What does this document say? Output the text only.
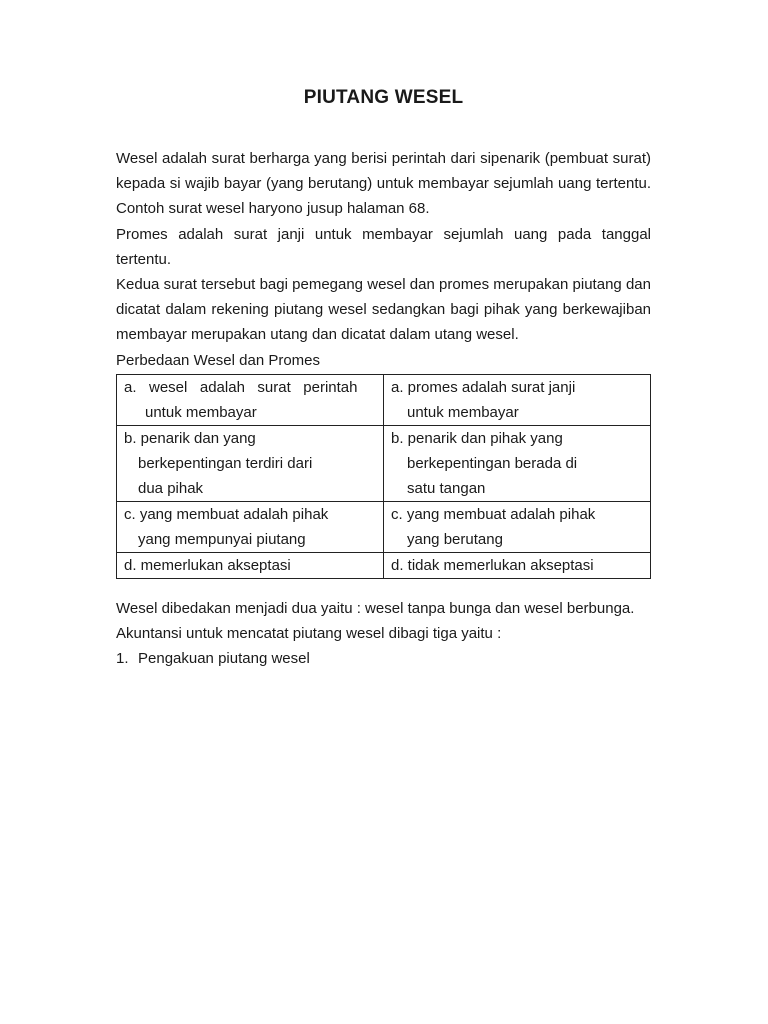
PIUTANG WESEL

Wesel adalah surat berharga yang berisi perintah dari sipenarik (pembuat surat) kepada si wajib bayar (yang berutang) untuk membayar sejumlah uang tertentu. Contoh surat wesel haryono jusup halaman 68.

Promes adalah surat janji untuk membayar sejumlah uang pada tanggal tertentu.

Kedua surat tersebut bagi pemegang wesel dan promes merupakan piutang dan dicatat dalam rekening piutang wesel sedangkan bagi pihak yang berkewajiban membayar merupakan utang dan dicatat dalam utang wesel.

Perbedaan Wesel dan Promes

a.   wesel   adalah   surat   perintah
untuk membayar	a. promes adalah surat janji
untuk membayar

b. penarik dan yang
berkepentingan terdiri dari
dua pihak	b. penarik dan pihak yang
berkepentingan berada di
satu tangan

c. yang membuat adalah pihak
yang mempunyai piutang	c. yang membuat adalah pihak
yang berutang

d. memerlukan akseptasi	d. tidak memerlukan akseptasi

Wesel dibedakan menjadi dua yaitu : wesel tanpa bunga dan wesel berbunga.

Akuntansi untuk mencatat piutang wesel dibagi tiga yaitu :

1. Pengakuan piutang wesel
